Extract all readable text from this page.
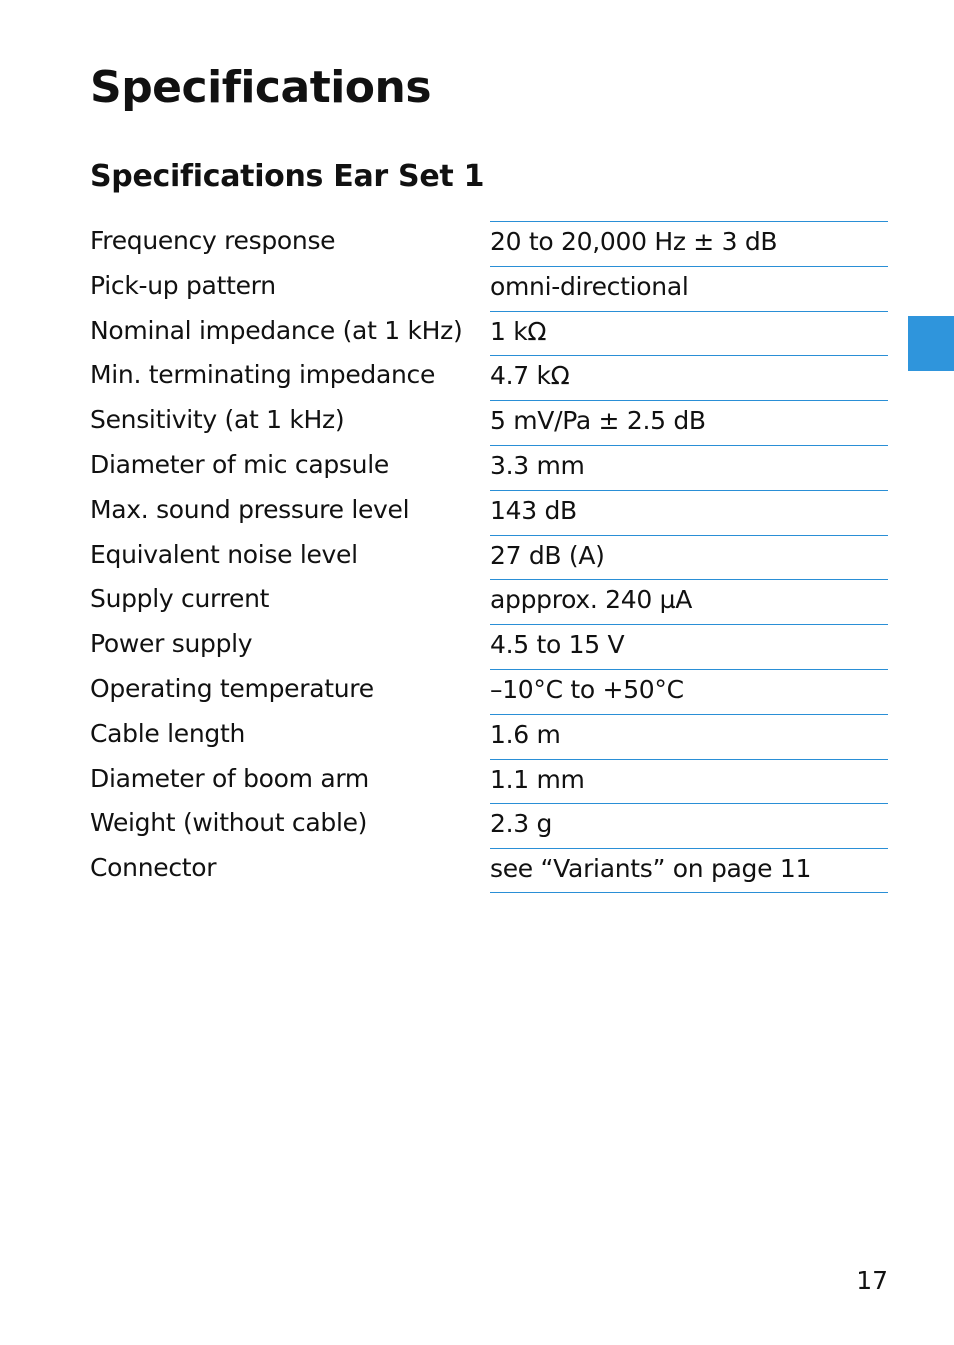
Specifications
Specifications Ear Set 1
Frequency response	20 to 20,000 Hz ± 3 dB
Pick-up pattern	omni-directional
Nominal impedance (at 1 kHz)	1 kΩ
Min. terminating impedance	4.7 kΩ
Sensitivity (at 1 kHz)	5 mV/Pa ± 2.5 dB
Diameter of mic capsule	3.3 mm
Max. sound pressure level	143 dB
Equivalent noise level	27 dB (A)
Supply current	appprox. 240 µA
Power supply	4.5 to 15 V
Operating temperature	–10°C to +50°C
Cable length	1.6 m
Diameter of boom arm	1.1 mm
Weight (without cable)	2.3 g
Connector	see “Variants” on page 11
17
